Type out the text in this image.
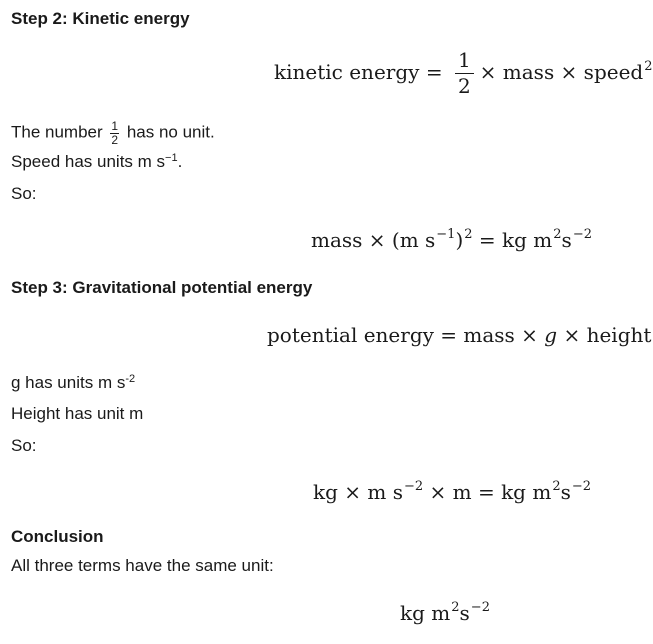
Step 2: Kinetic energy
kinetic energy = $\frac{1}{2}$ × mass × speed$^2$
The number $\frac{1}{2}$ has no unit.
Speed has units m $s^{-1}$.
So:
mass × (m $s^{-1})^2$ = kg $m^2s^{-2}$
Step 3: Gravitational potential energy
potential energy = mass × g × height
g has units m $s^{-2}$
Height has unit m
So:
kg × m $s^{-2} \times m$ = kg $m^2s^{-2}$
Conclusion
All three terms have the same unit:
kg $m^2s^{-2}$
